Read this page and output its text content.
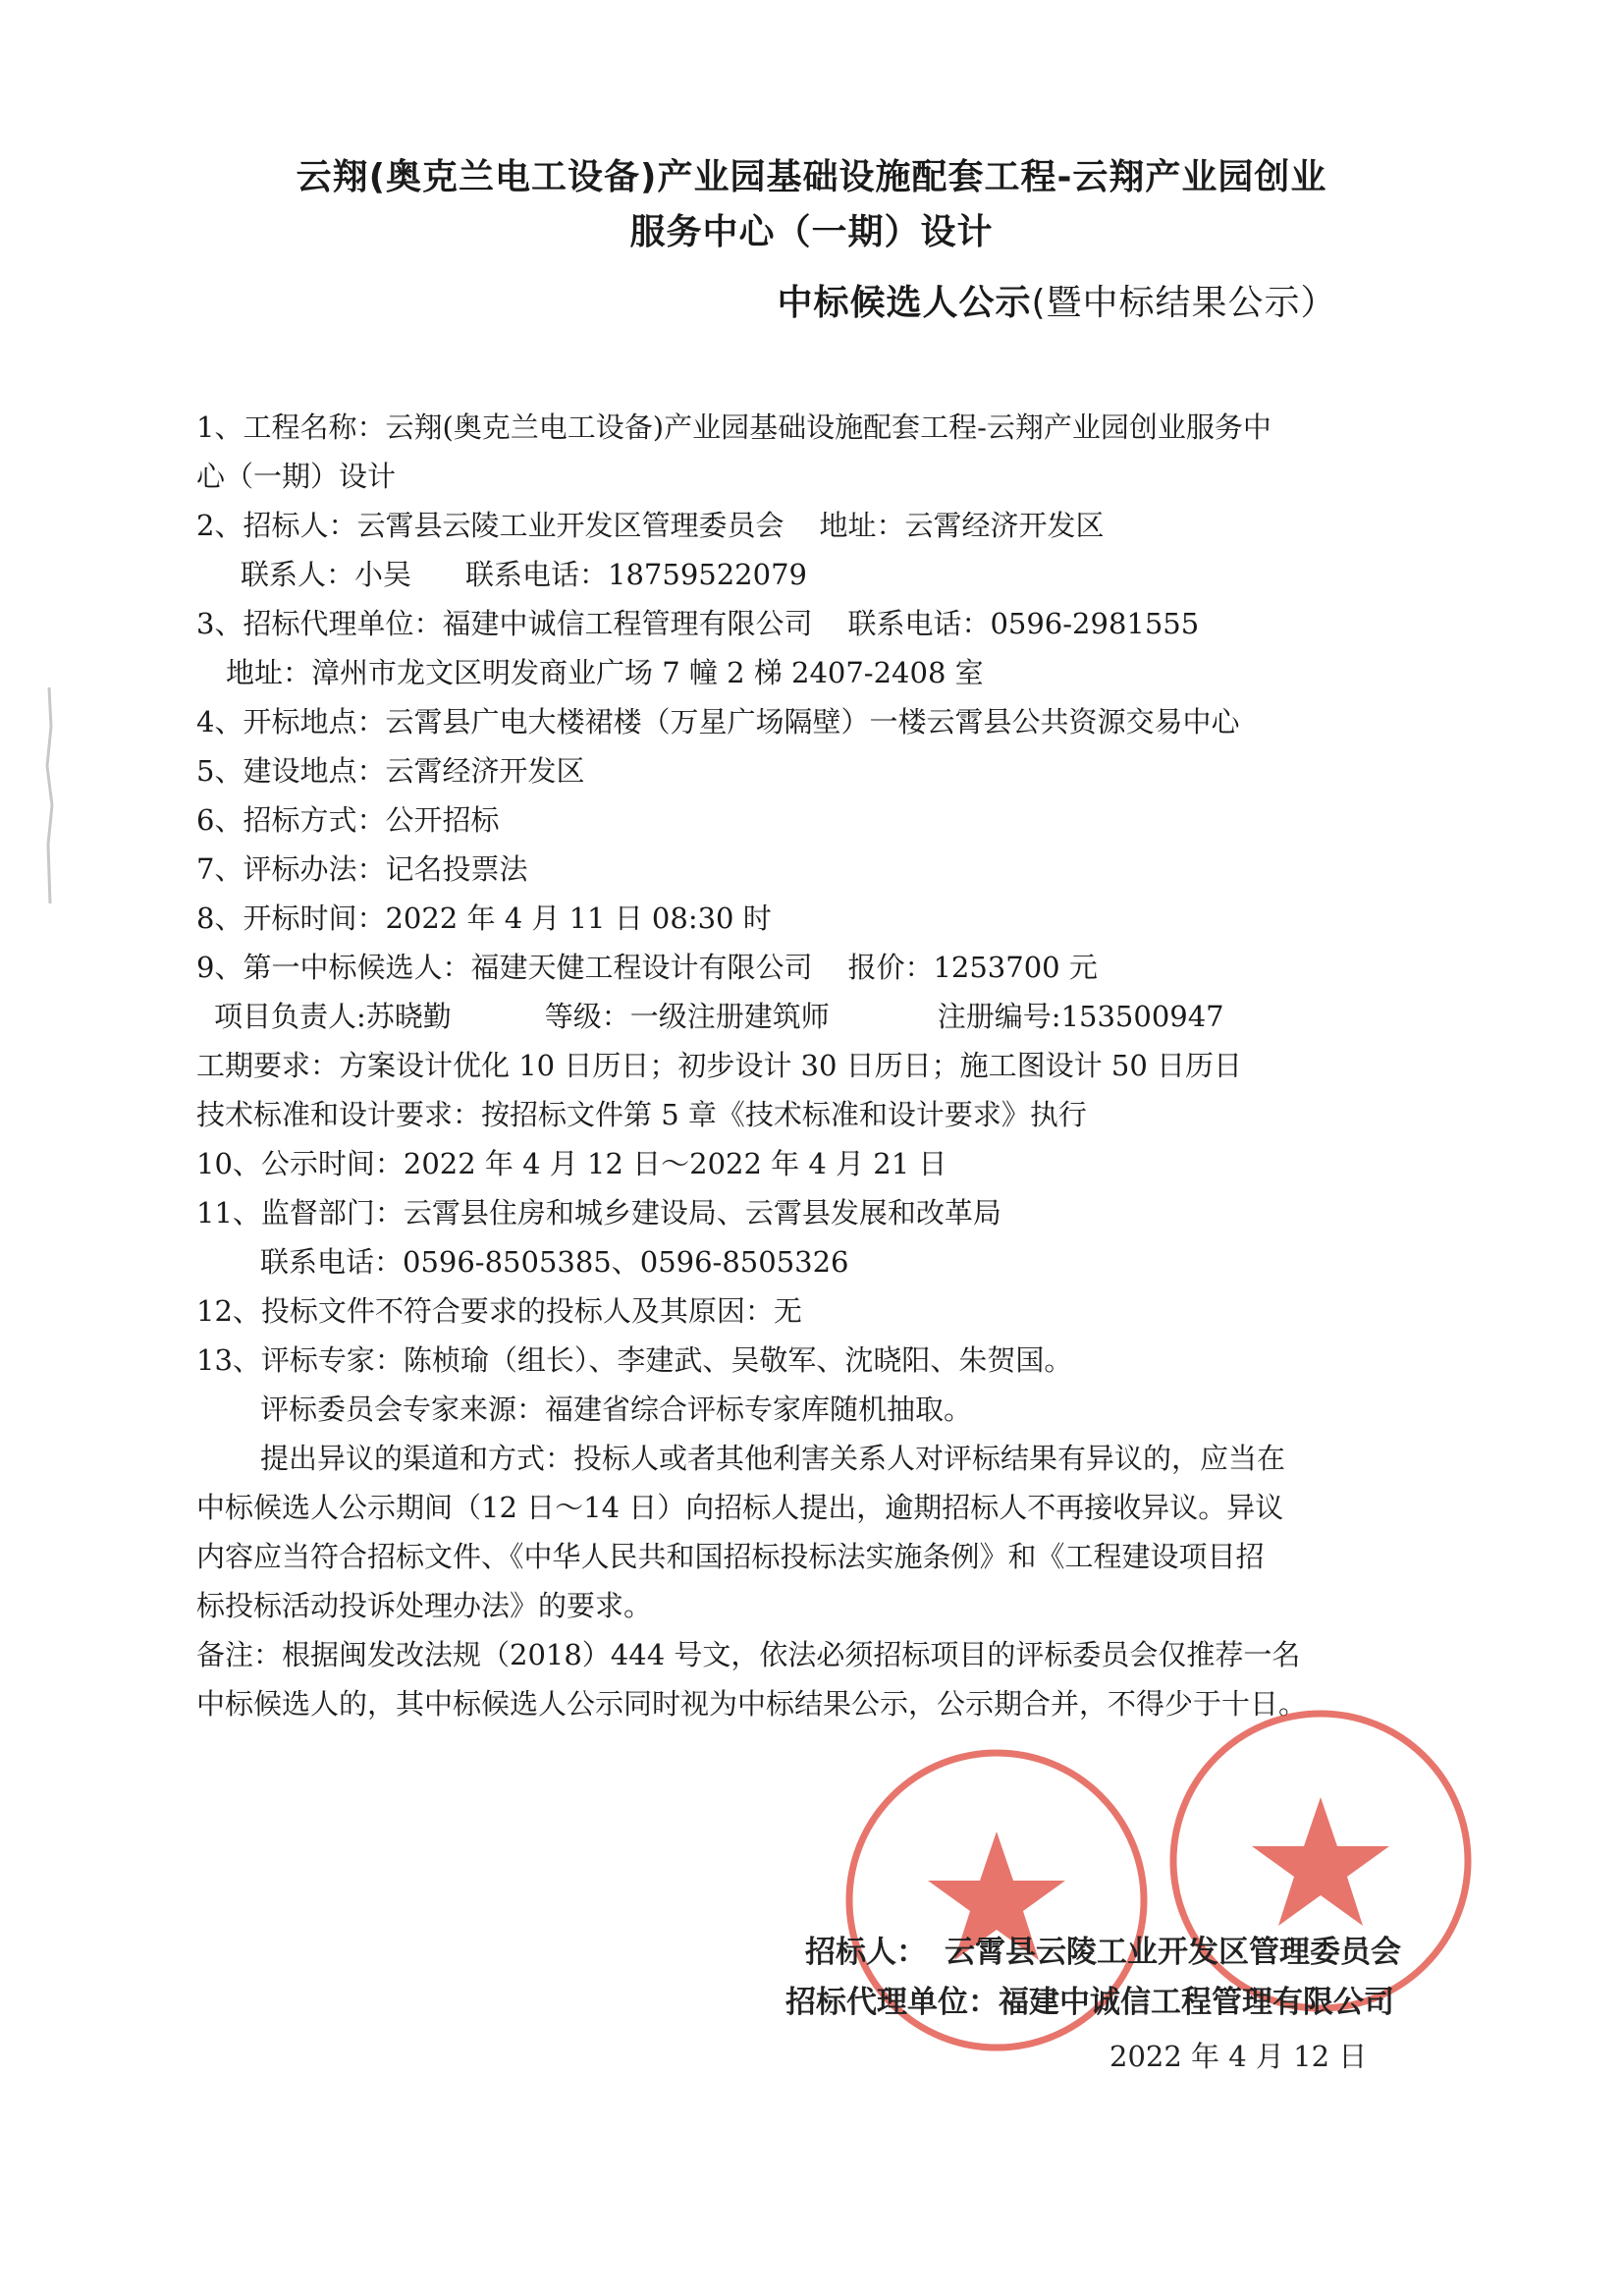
云翔(奥克兰电工设备)产业园基础设施配套工程-云翔产业园创业
服务中心（一期）设计
中标候选人公示(暨中标结果公示）
1、工程名称：云翔(奥克兰电工设备)产业园基础设施配套工程-云翔产业园创业服务中
心（一期）设计
2、招标人：云霄县云陵工业开发区管理委员会 地址：云霄经济开发区
联系人：小吴 联系电话：18759522079
3、招标代理单位：福建中诚信工程管理有限公司 联系电话：0596-2981555
地址：漳州市龙文区明发商业广场 7 幢 2 梯 2407-2408 室
4、开标地点：云霄县广电大楼裙楼（万星广场隔壁）一楼云霄县公共资源交易中心
5、建设地点：云霄经济开发区
6、招标方式：公开招标
7、评标办法：记名投票法
8、开标时间：2022 年 4 月 11 日 08:30 时
9、第一中标候选人：福建天健工程设计有限公司 报价：1253700 元
项目负责人:苏晓勤	等级：一级注册建筑师	注册编号:153500947
工期要求：方案设计优化 10 日历日；初步设计 30 日历日；施工图设计 50 日历日
技术标准和设计要求：按招标文件第 5 章《技术标准和设计要求》执行
10、公示时间：2022 年 4 月 12 日～2022 年 4 月 21 日
11、监督部门：云霄县住房和城乡建设局、云霄县发展和改革局
联系电话：0596-8505385、0596-8505326
12、投标文件不符合要求的投标人及其原因：无
13、评标专家：陈桢瑜（组长）、李建武、吴敬军、沈晓阳、朱贺国。
评标委员会专家来源：福建省综合评标专家库随机抽取。
提出异议的渠道和方式：投标人或者其他利害关系人对评标结果有异议的，应当在
中标候选人公示期间（12 日～14 日）向招标人提出，逾期招标人不再接收异议。异议
内容应当符合招标文件、《中华人民共和国招标投标法实施条例》和《工程建设项目招
标投标活动投诉处理办法》的要求。
备注：根据闽发改法规（2018）444 号文，依法必须招标项目的评标委员会仅推荐一名
中标候选人的，其中标候选人公示同时视为中标结果公示，公示期合并，不得少于十日。
招标人： 云霄县云陵工业开发区管理委员会
招标代理单位：福建中诚信工程管理有限公司
2022 年 4 月 12 日
